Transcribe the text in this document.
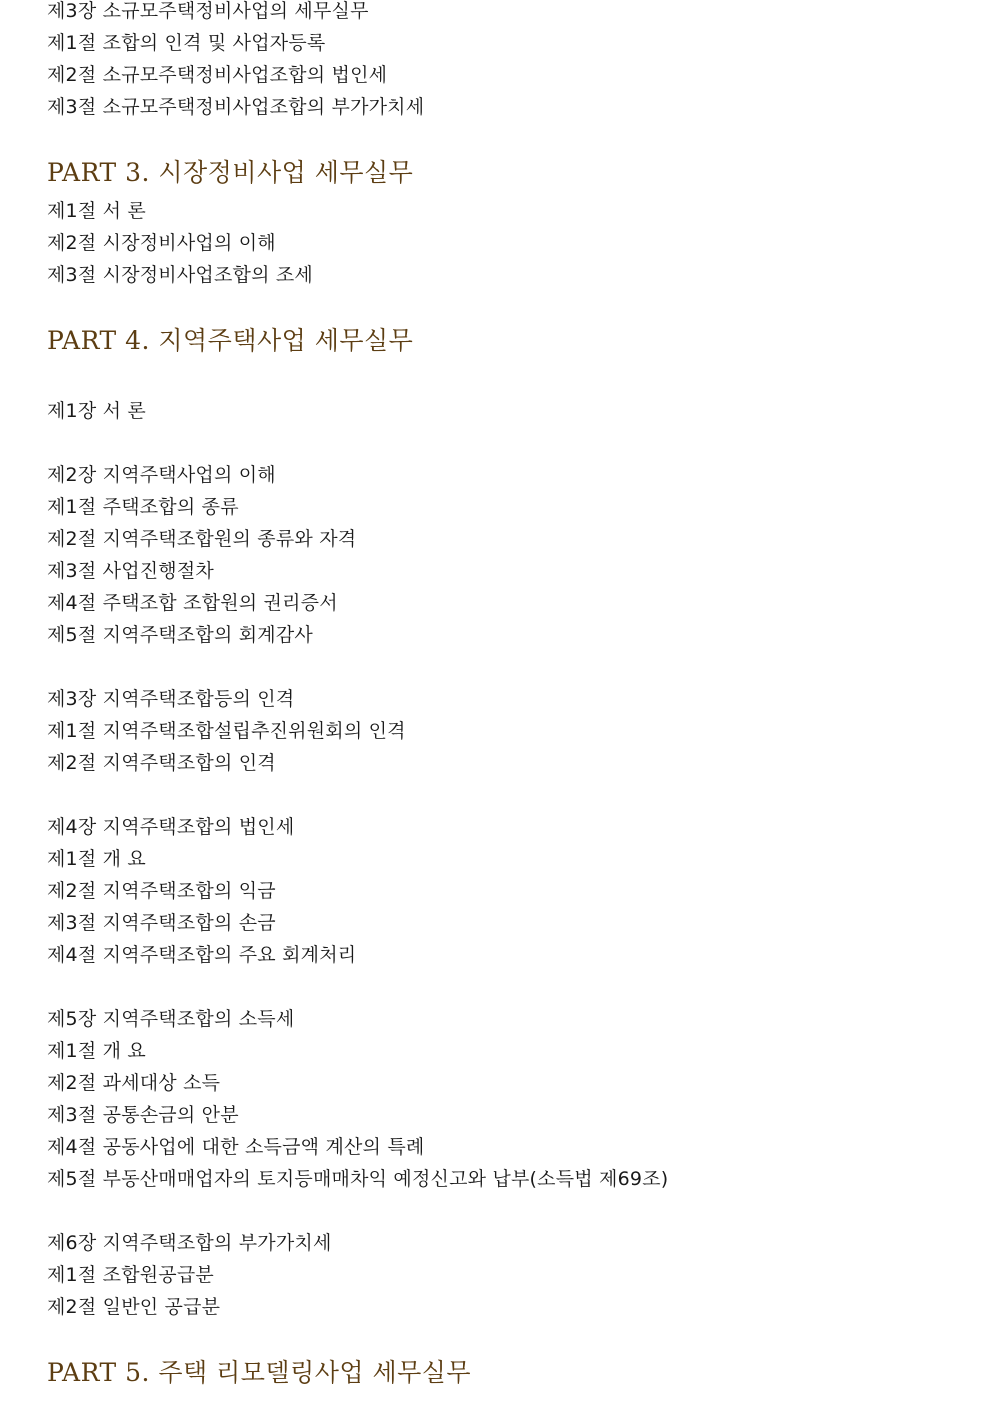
제3장 소규모주택정비사업의 세무실무
제1절 조합의 인격 및 사업자등록
제2절 소규모주택정비사업조합의 법인세
제3절 소규모주택정비사업조합의 부가가치세
PART 3. 시장정비사업 세무실무
제1절 서 론
제2절 시장정비사업의 이해
제3절 시장정비사업조합의 조세
PART 4. 지역주택사업 세무실무
제1장 서 론
제2장 지역주택사업의 이해
제1절 주택조합의 종류
제2절 지역주택조합원의 종류와 자격
제3절 사업진행절차
제4절 주택조합 조합원의 권리증서
제5절 지역주택조합의 회계감사
제3장 지역주택조합등의 인격
제1절 지역주택조합설립추진위원회의 인격
제2절 지역주택조합의 인격
제4장 지역주택조합의 법인세
제1절 개 요
제2절 지역주택조합의 익금
제3절 지역주택조합의 손금
제4절 지역주택조합의 주요 회계처리
제5장 지역주택조합의 소득세
제1절 개 요
제2절 과세대상 소득
제3절 공통손금의 안분
제4절 공동사업에 대한 소득금액 계산의 특례
제5절 부동산매매업자의 토지등매매차익 예정신고와 납부(소득법 제69조)
제6장 지역주택조합의 부가가치세
제1절 조합원공급분
제2절 일반인 공급분
PART 5. 주택 리모델링사업 세무실무
